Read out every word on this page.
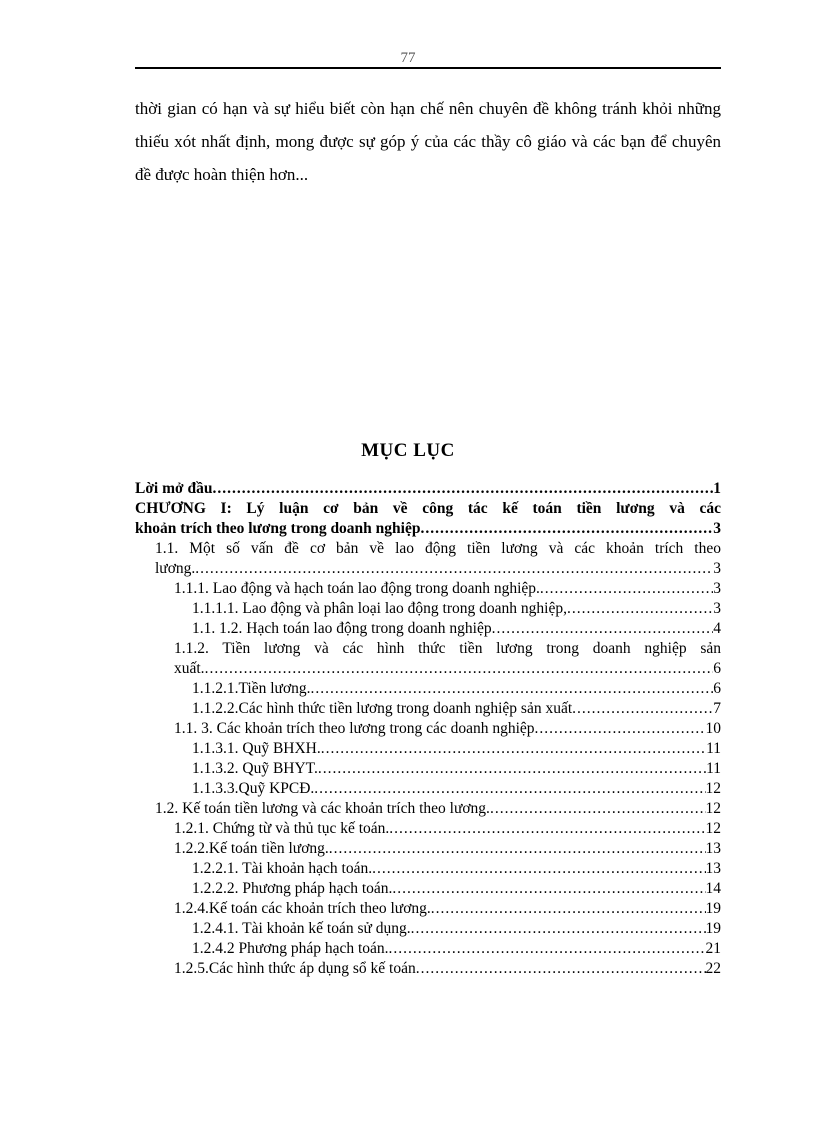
77
thời gian có hạn và sự hiểu biết còn hạn chế nên chuyên đề không tránh khỏi những thiếu xót nhất định, mong được sự góp ý của các thầy cô giáo và các bạn để chuyên đề được hoàn thiện hơn...
MỤC LỤC
Lời mở đầu .....	1
CHƯƠNG I: Lý luận cơ bản về công tác kế toán tiền lương và các
khoản trích theo lương trong doanh nghiệp .....	3
1.1. Một số vấn đề cơ bản về lao động tiền lương và các khoản trích theo
lương. .....	3
1.1.1. Lao động và hạch toán lao động trong doanh nghiệp. .....	3
1.1.1.1. Lao động và phân loại lao động trong doanh nghiệp, .....	3
1.1. 1.2. Hạch toán lao động trong doanh nghiệp .....	4
1.1.2. Tiền lương và các hình thức tiền lương trong doanh nghiệp sản
xuất. .....	6
1.1.2.1.Tiền lương. .....	6
1.1.2.2.Các hình thức tiền lương trong doanh nghiệp sản xuất .....	7
1.1. 3. Các khoản trích theo lương trong các doanh nghiệp .....	10
1.1.3.1. Quỹ BHXH. .....	11
1.1.3.2. Quỹ BHYT. .....	11
1.1.3.3.Quỹ KPCĐ. .....	12
1.2. Kế toán tiền lương và các khoản trích theo lương. .....	12
1.2.1. Chứng từ và thủ tục kế toán. .....	12
1.2.2.Kế toán tiền lương. .....	13
1.2.2.1. Tài khoản hạch toán. .....	13
1.2.2.2. Phương pháp hạch toán. .....	14
1.2.4.Kế toán các khoản trích theo lương. .....	19
1.2.4.1. Tài khoản kế toán sử dụng. .....	19
1.2.4.2 Phương pháp hạch toán. .....	21
1.2.5.Các hình thức áp dụng sổ kế toán .....	22
